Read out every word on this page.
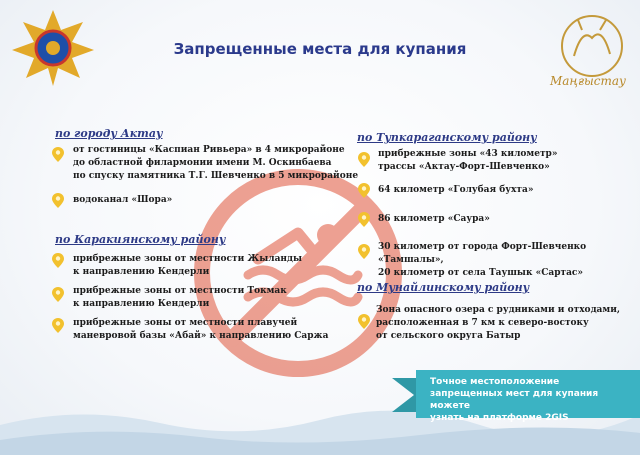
Маңғыстау
Запрещенные места для купания
по городу Актау
от гостиницы «Каспиан Ривьера» в 4 микрорайоне
до областной филармонии имени М. Оскинбаева
по спуску памятника Т.Г. Шевченко в 5 микрорайоне
водоканал «Шора»
по Каракиянскому району
прибрежные зоны от местности Жыланды
к направлению Кендерли
прибрежные зоны от местности Токмак
к направлению Кендерли
прибрежные зоны от местности плавучей
маневровой базы «Абай» к направлению Саржа
по Тупкараганскому району
прибрежные зоны «43 километр»
трассы «Актау-Форт-Шевченко»
64 километр «Голубая бухта»
86 километр «Саура»
30 километр от города Форт-Шевченко «Тамшалы»,
20 километр от села Таушык «Сартас»
по Мунайлинскому району
Зона опасного озера с рудниками и отходами,
расположенная в 7 км к северо-востоку
от сельского округа Батыр
Точное местоположение
запрещенных мест для купания можете
узнать на платформе 2GIS
